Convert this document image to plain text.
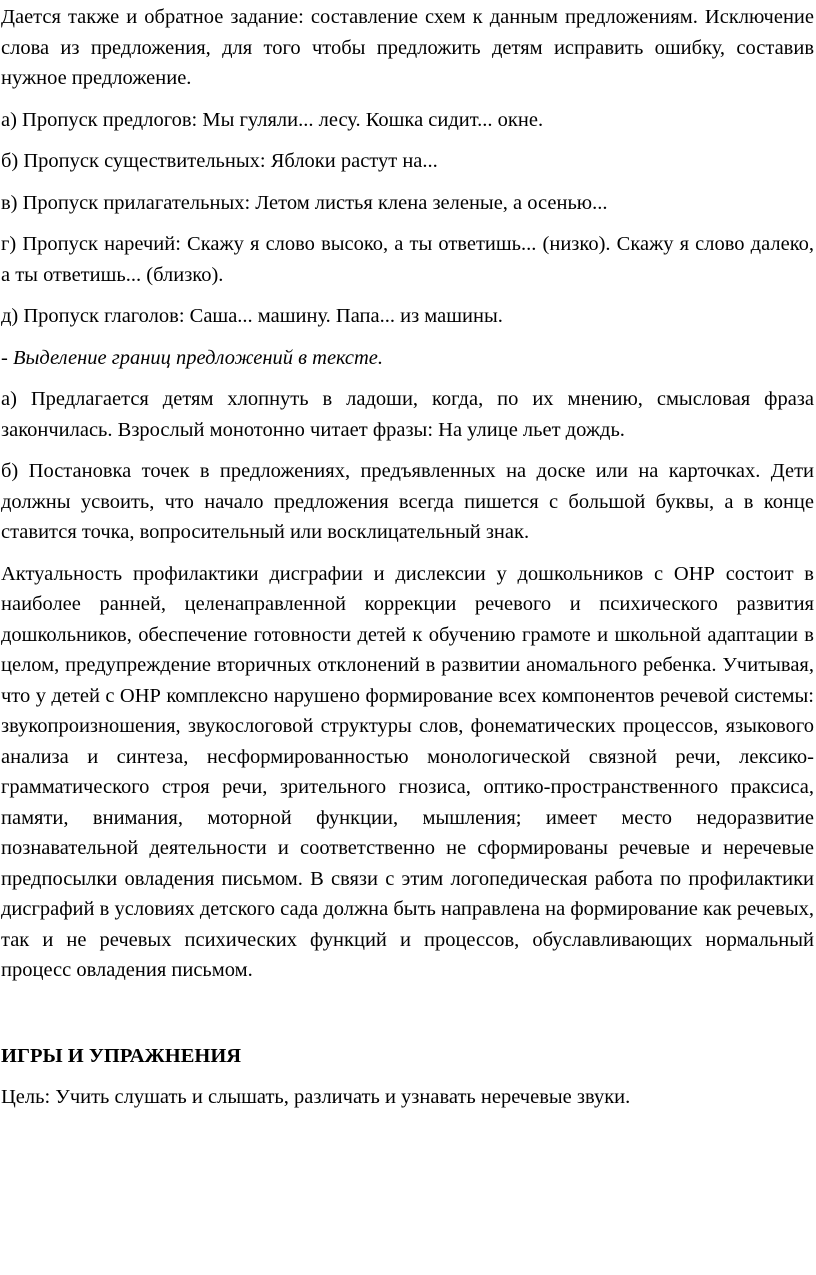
Дается также и обратное задание: составление схем к данным предложениям. Исключение слова из предложения, для того чтобы предложить детям исправить ошибку, составив нужное предложение.

а) Пропуск предлогов: Мы гуляли... лесу. Кошка сидит... окне.

б) Пропуск существительных: Яблоки растут на...

в) Пропуск прилагательных: Летом листья клена зеленые, а осенью...

г) Пропуск наречий: Скажу я слово высоко, а ты ответишь... (низко). Скажу я слово далеко, а ты ответишь... (близко).

д) Пропуск глаголов: Саша... машину. Папа... из машины.

- Выделение границ предложений в тексте.

а) Предлагается детям хлопнуть в ладоши, когда, по их мнению, смысловая фраза закончилась. Взрослый монотонно читает фразы: На улице льет дождь.

б) Постановка точек в предложениях, предъявленных на доске или на карточках. Дети должны усвоить, что начало предложения всегда пишется с большой буквы, а в конце ставится точка, вопросительный или восклицательный знак.

Актуальность профилактики дисграфии и дислексии у дошкольников с ОНР состоит в наиболее ранней, целенаправленной коррекции речевого и психического развития дошкольников, обеспечение готовности детей к обучению грамоте и школьной адаптации в целом, предупреждение вторичных отклонений в развитии аномального ребенка. Учитывая, что у детей с ОНР комплексно нарушено формирование всех компонентов речевой системы: звукопроизношения, звукослоговой структуры слов, фонематических процессов, языкового анализа и синтеза, несформированностью монологической связной речи, лексико-грамматического строя речи, зрительного гнозиса, оптико-пространственного праксиса, памяти, внимания, моторной функции, мышления; имеет место недоразвитие познавательной деятельности и соответственно не сформированы речевые и неречевые предпосылки овладения письмом. В связи с этим логопедическая работа по профилактики дисграфий в условиях детского сада должна быть направлена на формирование как речевых, так и не речевых психических функций и процессов, обуславливающих нормальный процесс овладения письмом.

ИГРЫ И УПРАЖНЕНИЯ

Цель: Учить слушать и слышать, различать и узнавать неречевые звуки.
